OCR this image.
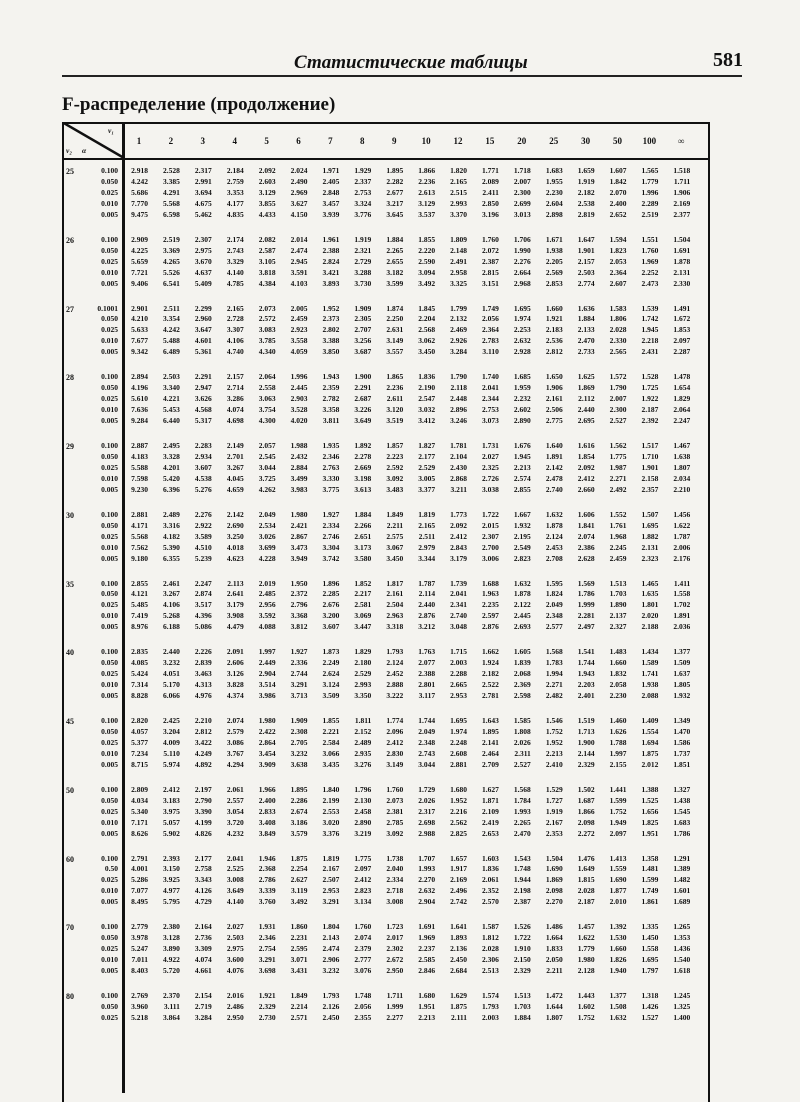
Статистические таблицы	581
F-распределение (продолжение)
v₁
v₂ α
1	2	3	4	5	6	7	8	9	10	12	15	20	25	30	50	100	∞
25	0.100	2.918	2.528	2.317	2.184	2.092	2.024	1.971	1.929	1.895	1.866	1.820	1.771	1.718	1.683	1.659	1.607	1.565	1.518
0.050	4.242	3.385	2.991	2.759	2.603	2.490	2.405	2.337	2.282	2.236	2.165	2.089	2.007	1.955	1.919	1.842	1.779	1.711
0.025	5.686	4.291	3.694	3.353	3.129	2.969	2.848	2.753	2.677	2.613	2.515	2.411	2.300	2.230	2.182	2.070	1.996	1.906
0.010	7.770	5.568	4.675	4.177	3.855	3.627	3.457	3.324	3.217	3.129	2.993	2.850	2.699	2.604	2.538	2.400	2.289	2.169
0.005	9.475	6.598	5.462	4.835	4.433	4.150	3.939	3.776	3.645	3.537	3.370	3.196	3.013	2.898	2.819	2.652	2.519	2.377
26	0.100	2.909	2.519	2.307	2.174	2.082	2.014	1.961	1.919	1.884	1.855	1.809	1.760	1.706	1.671	1.647	1.594	1.551	1.504
0.050	4.225	3.369	2.975	2.743	2.587	2.474	2.388	2.321	2.265	2.220	2.148	2.072	1.990	1.938	1.901	1.823	1.760	1.691
0.025	5.659	4.265	3.670	3.329	3.105	2.945	2.824	2.729	2.655	2.590	2.491	2.387	2.276	2.205	2.157	2.053	1.969	1.878
0.010	7.721	5.526	4.637	4.140	3.818	3.591	3.421	3.288	3.182	3.094	2.958	2.815	2.664	2.569	2.503	2.364	2.252	2.131
0.005	9.406	6.541	5.409	4.785	4.384	4.103	3.893	3.730	3.599	3.492	3.325	3.151	2.968	2.853	2.774	2.607	2.473	2.330
27	0.1001	2.901	2.511	2.299	2.165	2.073	2.005	1.952	1.909	1.874	1.845	1.799	1.749	1.695	1.660	1.636	1.583	1.539	1.491
0.050	4.210	3.354	2.960	2.728	2.572	2.459	2.373	2.305	2.250	2.204	2.132	2.056	1.974	1.921	1.884	1.806	1.742	1.672
0.025	5.633	4.242	3.647	3.307	3.083	2.923	2.802	2.707	2.631	2.568	2.469	2.364	2.253	2.183	2.133	2.028	1.945	1.853
0.010	7.677	5.488	4.601	4.106	3.785	3.558	3.388	3.256	3.149	3.062	2.926	2.783	2.632	2.536	2.470	2.330	2.218	2.097
0.005	9.342	6.489	5.361	4.740	4.340	4.059	3.850	3.687	3.557	3.450	3.284	3.110	2.928	2.812	2.733	2.565	2.431	2.287
28	0.100	2.894	2.503	2.291	2.157	2.064	1.996	1.943	1.900	1.865	1.836	1.790	1.740	1.685	1.650	1.625	1.572	1.528	1.478
0.050	4.196	3.340	2.947	2.714	2.558	2.445	2.359	2.291	2.236	2.190	2.118	2.041	1.959	1.906	1.869	1.790	1.725	1.654
0.025	5.610	4.221	3.626	3.286	3.063	2.903	2.782	2.687	2.611	2.547	2.448	2.344	2.232	2.161	2.112	2.007	1.922	1.829
0.010	7.636	5.453	4.568	4.074	3.754	3.528	3.358	3.226	3.120	3.032	2.896	2.753	2.602	2.506	2.440	2.300	2.187	2.064
0.005	9.284	6.440	5.317	4.698	4.300	4.020	3.811	3.649	3.519	3.412	3.246	3.073	2.890	2.775	2.695	2.527	2.392	2.247
29	0.100	2.887	2.495	2.283	2.149	2.057	1.988	1.935	1.892	1.857	1.827	1.781	1.731	1.676	1.640	1.616	1.562	1.517	1.467
0.050	4.183	3.328	2.934	2.701	2.545	2.432	2.346	2.278	2.223	2.177	2.104	2.027	1.945	1.891	1.854	1.775	1.710	1.638
0.025	5.588	4.201	3.607	3.267	3.044	2.884	2.763	2.669	2.592	2.529	2.430	2.325	2.213	2.142	2.092	1.987	1.901	1.807
0.010	7.598	5.420	4.538	4.045	3.725	3.499	3.330	3.198	3.092	3.005	2.868	2.726	2.574	2.478	2.412	2.271	2.158	2.034
0.005	9.230	6.396	5.276	4.659	4.262	3.983	3.775	3.613	3.483	3.377	3.211	3.038	2.855	2.740	2.660	2.492	2.357	2.210
30	0.100	2.881	2.489	2.276	2.142	2.049	1.980	1.927	1.884	1.849	1.819	1.773	1.722	1.667	1.632	1.606	1.552	1.507	1.456
0.050	4.171	3.316	2.922	2.690	2.534	2.421	2.334	2.266	2.211	2.165	2.092	2.015	1.932	1.878	1.841	1.761	1.695	1.622
0.025	5.568	4.182	3.589	3.250	3.026	2.867	2.746	2.651	2.575	2.511	2.412	2.307	2.195	2.124	2.074	1.968	1.882	1.787
0.010	7.562	5.390	4.510	4.018	3.699	3.473	3.304	3.173	3.067	2.979	2.843	2.700	2.549	2.453	2.386	2.245	2.131	2.006
0.005	9.180	6.355	5.239	4.623	4.228	3.949	3.742	3.580	3.450	3.344	3.179	3.006	2.823	2.708	2.628	2.459	2.323	2.176
35	0.100	2.855	2.461	2.247	2.113	2.019	1.950	1.896	1.852	1.817	1.787	1.739	1.688	1.632	1.595	1.569	1.513	1.465	1.411
0.050	4.121	3.267	2.874	2.641	2.485	2.372	2.285	2.217	2.161	2.114	2.041	1.963	1.878	1.824	1.786	1.703	1.635	1.558
0.025	5.485	4.106	3.517	3.179	2.956	2.796	2.676	2.581	2.504	2.440	2.341	2.235	2.122	2.049	1.999	1.890	1.801	1.702
0.010	7.419	5.268	4.396	3.908	3.592	3.368	3.200	3.069	2.963	2.876	2.740	2.597	2.445	2.348	2.281	2.137	2.020	1.891
0.005	8.976	6.188	5.086	4.479	4.088	3.812	3.607	3.447	3.318	3.212	3.048	2.876	2.693	2.577	2.497	2.327	2.188	2.036
40	0.100	2.835	2.440	2.226	2.091	1.997	1.927	1.873	1.829	1.793	1.763	1.715	1.662	1.605	1.568	1.541	1.483	1.434	1.377
0.050	4.085	3.232	2.839	2.606	2.449	2.336	2.249	2.180	2.124	2.077	2.003	1.924	1.839	1.783	1.744	1.660	1.589	1.509
0.025	5.424	4.051	3.463	3.126	2.904	2.744	2.624	2.529	2.452	2.388	2.288	2.182	2.068	1.994	1.943	1.832	1.741	1.637
0.010	7.314	5.170	4.313	3.828	3.514	3.291	3.124	2.993	2.888	2.801	2.665	2.522	2.369	2.271	2.203	2.058	1.938	1.805
0.005	8.828	6.066	4.976	4.374	3.986	3.713	3.509	3.350	3.222	3.117	2.953	2.781	2.598	2.482	2.401	2.230	2.088	1.932
45	0.100	2.820	2.425	2.210	2.074	1.980	1.909	1.855	1.811	1.774	1.744	1.695	1.643	1.585	1.546	1.519	1.460	1.409	1.349
0.050	4.057	3.204	2.812	2.579	2.422	2.308	2.221	2.152	2.096	2.049	1.974	1.895	1.808	1.752	1.713	1.626	1.554	1.470
0.025	5.377	4.009	3.422	3.086	2.864	2.705	2.584	2.489	2.412	2.348	2.248	2.141	2.026	1.952	1.900	1.788	1.694	1.586
0.010	7.234	5.110	4.249	3.767	3.454	3.232	3.066	2.935	2.830	2.743	2.608	2.464	2.311	2.213	2.144	1.997	1.875	1.737
0.005	8.715	5.974	4.892	4.294	3.909	3.638	3.435	3.276	3.149	3.044	2.881	2.709	2.527	2.410	2.329	2.155	2.012	1.851
50	0.100	2.809	2.412	2.197	2.061	1.966	1.895	1.840	1.796	1.760	1.729	1.680	1.627	1.568	1.529	1.502	1.441	1.388	1.327
0.050	4.034	3.183	2.790	2.557	2.400	2.286	2.199	2.130	2.073	2.026	1.952	1.871	1.784	1.727	1.687	1.599	1.525	1.438
0.025	5.340	3.975	3.390	3.054	2.833	2.674	2.553	2.458	2.381	2.317	2.216	2.109	1.993	1.919	1.866	1.752	1.656	1.545
0.010	7.171	5.057	4.199	3.720	3.408	3.186	3.020	2.890	2.785	2.698	2.562	2.419	2.265	2.167	2.098	1.949	1.825	1.683
0.005	8.626	5.902	4.826	4.232	3.849	3.579	3.376	3.219	3.092	2.988	2.825	2.653	2.470	2.353	2.272	2.097	1.951	1.786
60	0.100	2.791	2.393	2.177	2.041	1.946	1.875	1.819	1.775	1.738	1.707	1.657	1.603	1.543	1.504	1.476	1.413	1.358	1.291
0.50	4.001	3.150	2.758	2.525	2.368	2.254	2.167	2.097	2.040	1.993	1.917	1.836	1.748	1.690	1.649	1.559	1.481	1.389
0.025	5.286	3.925	3.343	3.008	2.786	2.627	2.507	2.412	2.334	2.270	2.169	2.061	1.944	1.869	1.815	1.690	1.599	1.482
0.010	7.077	4.977	4.126	3.649	3.339	3.119	2.953	2.823	2.718	2.632	2.496	2.352	2.198	2.098	2.028	1.877	1.749	1.601
0.005	8.495	5.795	4.729	4.140	3.760	3.492	3.291	3.134	3.008	2.904	2.742	2.570	2.387	2.270	2.187	2.010	1.861	1.689
70	0.100	2.779	2.380	2.164	2.027	1.931	1.860	1.804	1.760	1.723	1.691	1.641	1.587	1.526	1.486	1.457	1.392	1.335	1.265
0.050	3.978	3.128	2.736	2.503	2.346	2.231	2.143	2.074	2.017	1.969	1.893	1.812	1.722	1.664	1.622	1.530	1.450	1.353
0.025	5.247	3.890	3.309	2.975	2.754	2.595	2.474	2.379	2.302	2.237	2.136	2.028	1.910	1.833	1.779	1.660	1.558	1.436
0.010	7.011	4.922	4.074	3.600	3.291	3.071	2.906	2.777	2.672	2.585	2.450	2.306	2.150	2.050	1.980	1.826	1.695	1.540
0.005	8.403	5.720	4.661	4.076	3.698	3.431	3.232	3.076	2.950	2.846	2.684	2.513	2.329	2.211	2.128	1.940	1.797	1.618
80	0.100	2.769	2.370	2.154	2.016	1.921	1.849	1.793	1.748	1.711	1.680	1.629	1.574	1.513	1.472	1.443	1.377	1.318	1.245
0.050	3.960	3.111	2.719	2.486	2.329	2.214	2.126	2.056	1.999	1.951	1.875	1.793	1.703	1.644	1.602	1.508	1.426	1.325
0.025	5.218	3.864	3.284	2.950	2.730	2.571	2.450	2.355	2.277	2.213	2.111	2.003	1.884	1.807	1.752	1.632	1.527	1.400
